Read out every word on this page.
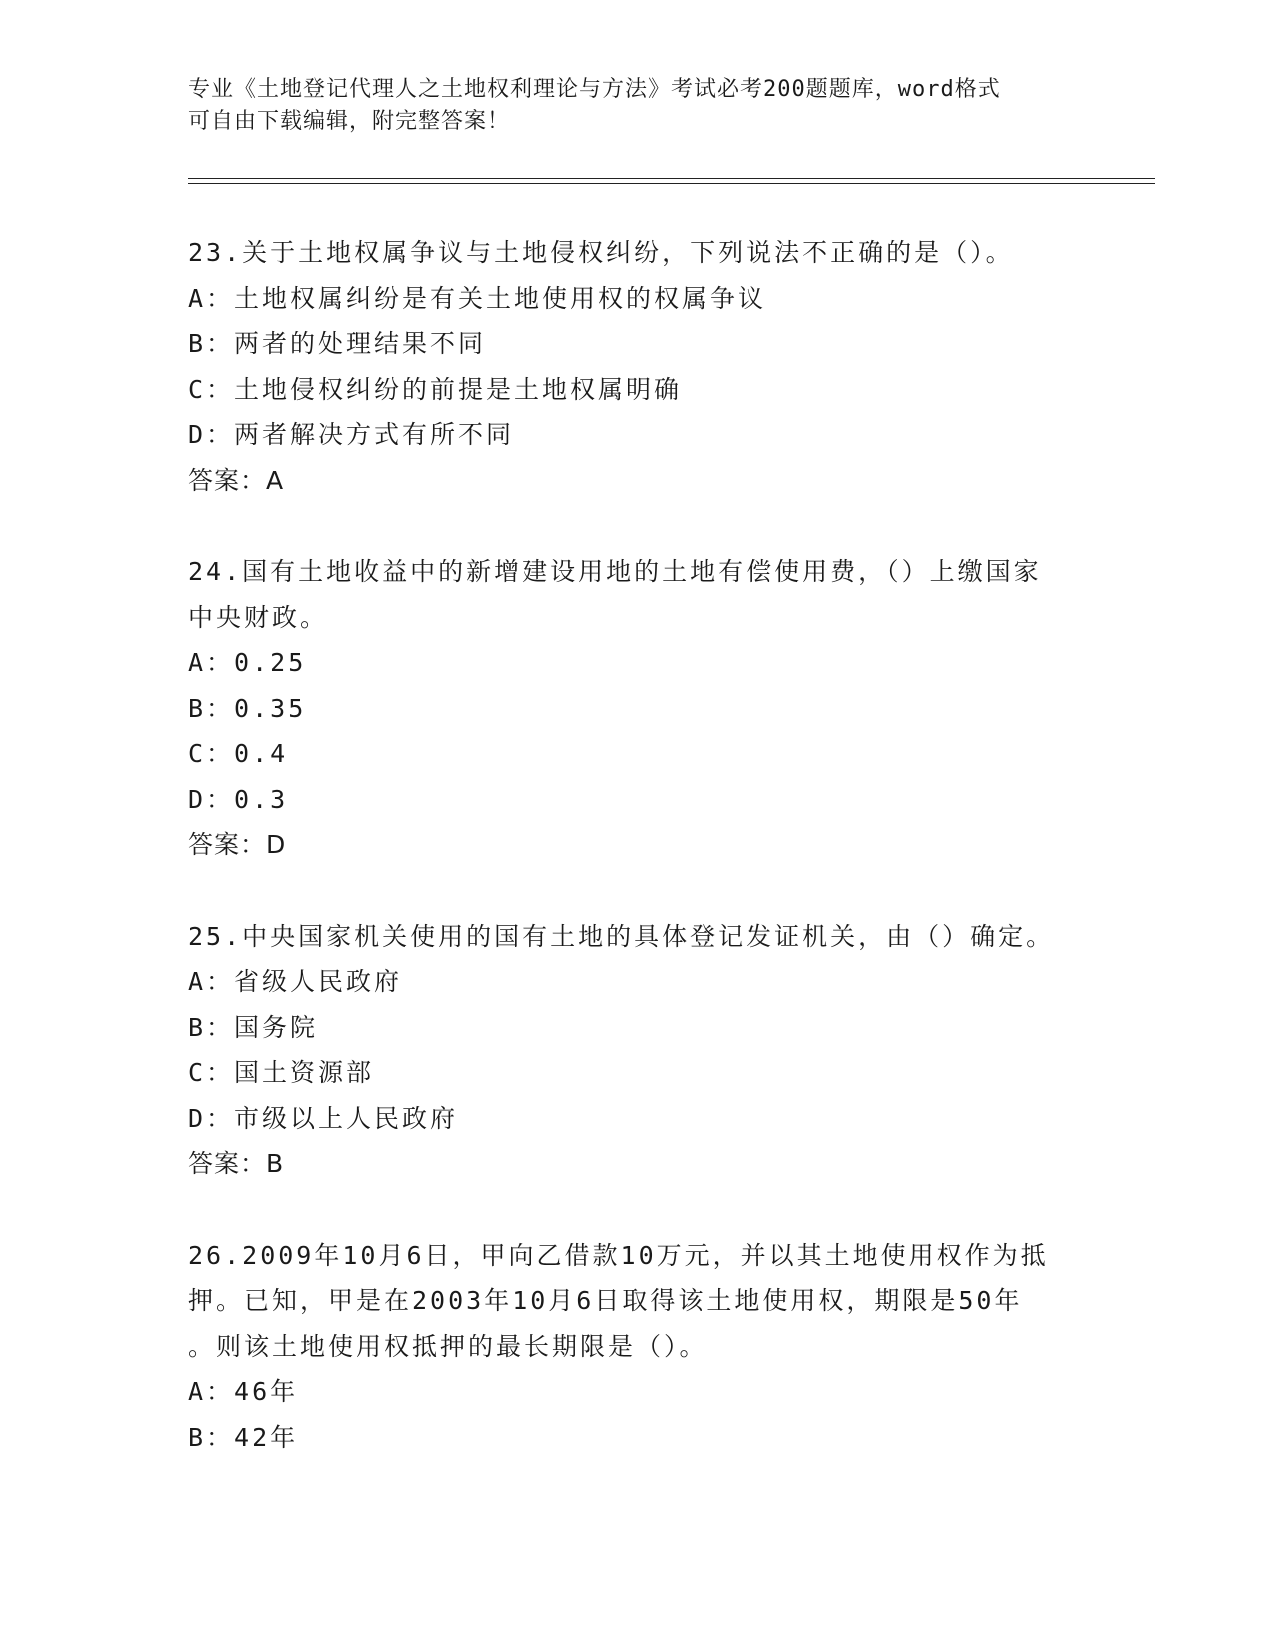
专业《土地登记代理人之土地权利理论与方法》考试必考200题题库，word格式
可自由下载编辑，附完整答案！
23.关于土地权属争议与土地侵权纠纷，下列说法不正确的是（）。
A：土地权属纠纷是有关土地使用权的权属争议
B：两者的处理结果不同
C：土地侵权纠纷的前提是土地权属明确
D：两者解决方式有所不同
答案：A
24.国有土地收益中的新增建设用地的土地有偿使用费，（）上缴国家
中央财政。
A：0.25
B：0.35
C：0.4
D：0.3
答案：D
25.中央国家机关使用的国有土地的具体登记发证机关，由（）确定。
A：省级人民政府
B：国务院
C：国土资源部
D：市级以上人民政府
答案：B
26.2009年10月6日，甲向乙借款10万元，并以其土地使用权作为抵
押。已知，甲是在2003年10月6日取得该土地使用权，期限是50年
。则该土地使用权抵押的最长期限是（）。
A：46年
B：42年
